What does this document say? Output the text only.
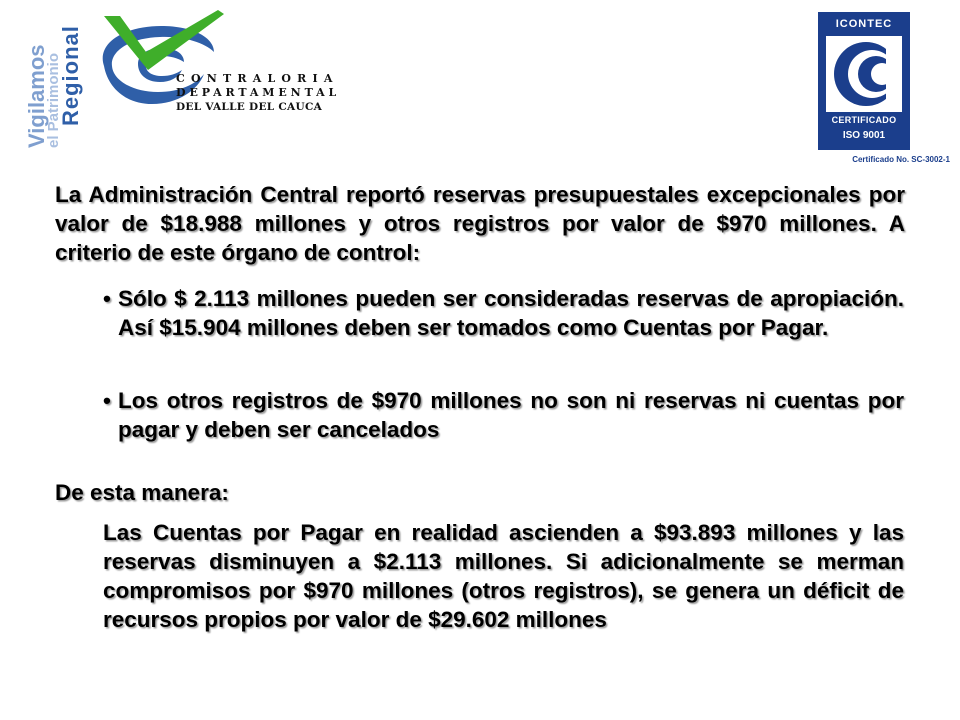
Vigilamos
el Patrimonio
Regional	CONTRALORIA
DEPARTAMENTAL
DEL VALLE DEL CAUCA
ICONTEC
CERTIFICADO
ISO 9001
Certificado No. SC-3002-1
La Administración Central reportó reservas presupuestales excepcionales por valor de $18.988 millones y otros registros por valor de $970 millones. A criterio de este órgano de control:
• Sólo $ 2.113 millones pueden ser consideradas reservas de apropiación. Así $15.904 millones deben ser tomados como Cuentas por Pagar.
• Los otros registros de $970 millones no son ni reservas ni cuentas por pagar y deben ser cancelados
De esta manera:
Las Cuentas por Pagar en realidad ascienden a $93.893 millones y las reservas disminuyen a $2.113 millones. Si adicionalmente se merman compromisos por $970 millones (otros registros), se genera un déficit de recursos propios por valor de $29.602 millones
